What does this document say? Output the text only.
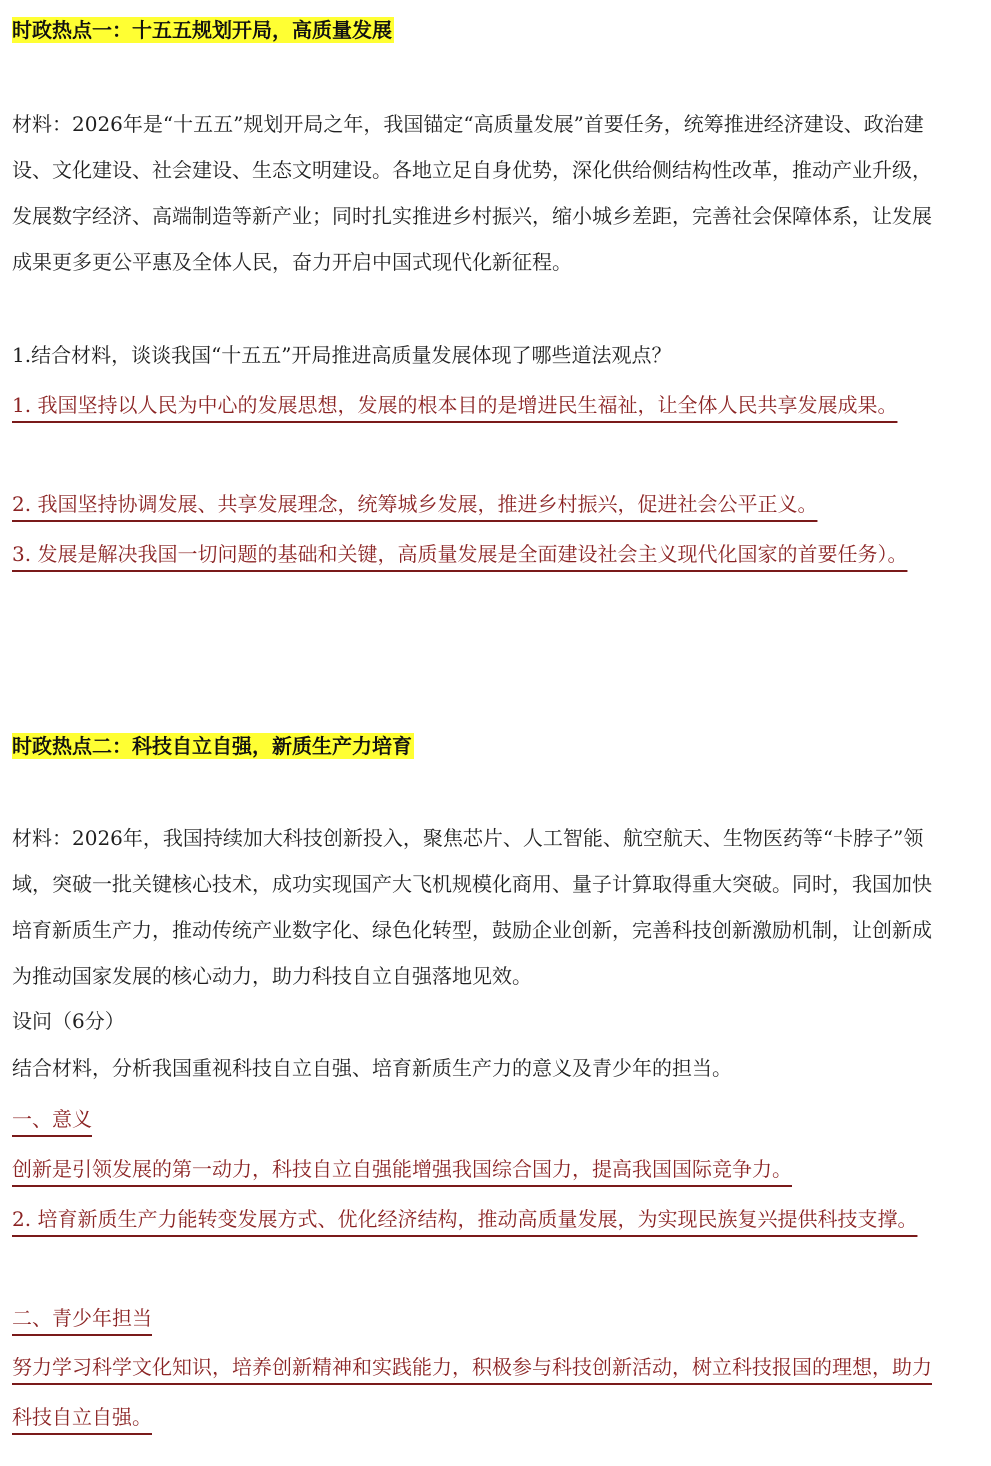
时政热点一：十五五规划开局，高质量发展

材料：2026年是“十五五”规划开局之年，我国锚定“高质量发展”首要任务，统筹推进经济建设、政治建设、文化建设、社会建设、生态文明建设。各地立足自身优势，深化供给侧结构性改革，推动产业升级，发展数字经济、高端制造等新产业；同时扎实推进乡村振兴，缩小城乡差距，完善社会保障体系，让发展成果更多更公平惠及全体人民，奋力开启中国式现代化新征程。

1.结合材料，谈谈我国“十五五”开局推进高质量发展体现了哪些道法观点？

1. 我国坚持以人民为中心的发展思想，发展的根本目的是增进民生福祉，让全体人民共享发展成果。

2. 我国坚持协调发展、共享发展理念，统筹城乡发展，推进乡村振兴，促进社会公平正义。

3. 发展是解决我国一切问题的基础和关键，高质量发展是全面建设社会主义现代化国家的首要任务）。

时政热点二：科技自立自强，新质生产力培育

材料：2026年，我国持续加大科技创新投入，聚焦芯片、人工智能、航空航天、生物医药等“卡脖子”领域，突破一批关键核心技术，成功实现国产大飞机规模化商用、量子计算取得重大突破。同时，我国加快培育新质生产力，推动传统产业数字化、绿色化转型，鼓励企业创新，完善科技创新激励机制，让创新成为推动国家发展的核心动力，助力科技自立自强落地见效。

设问（6分）
结合材料，分析我国重视科技自立自强、培育新质生产力的意义及青少年的担当。

一、意义

创新是引领发展的第一动力，科技自立自强能增强我国综合国力，提高我国国际竞争力。

2. 培育新质生产力能转变发展方式、优化经济结构，推动高质量发展，为实现民族复兴提供科技支撑。

二、青少年担当

努力学习科学文化知识，培养创新精神和实践能力，积极参与科技创新活动，树立科技报国的理想，助力科技自立自强。
